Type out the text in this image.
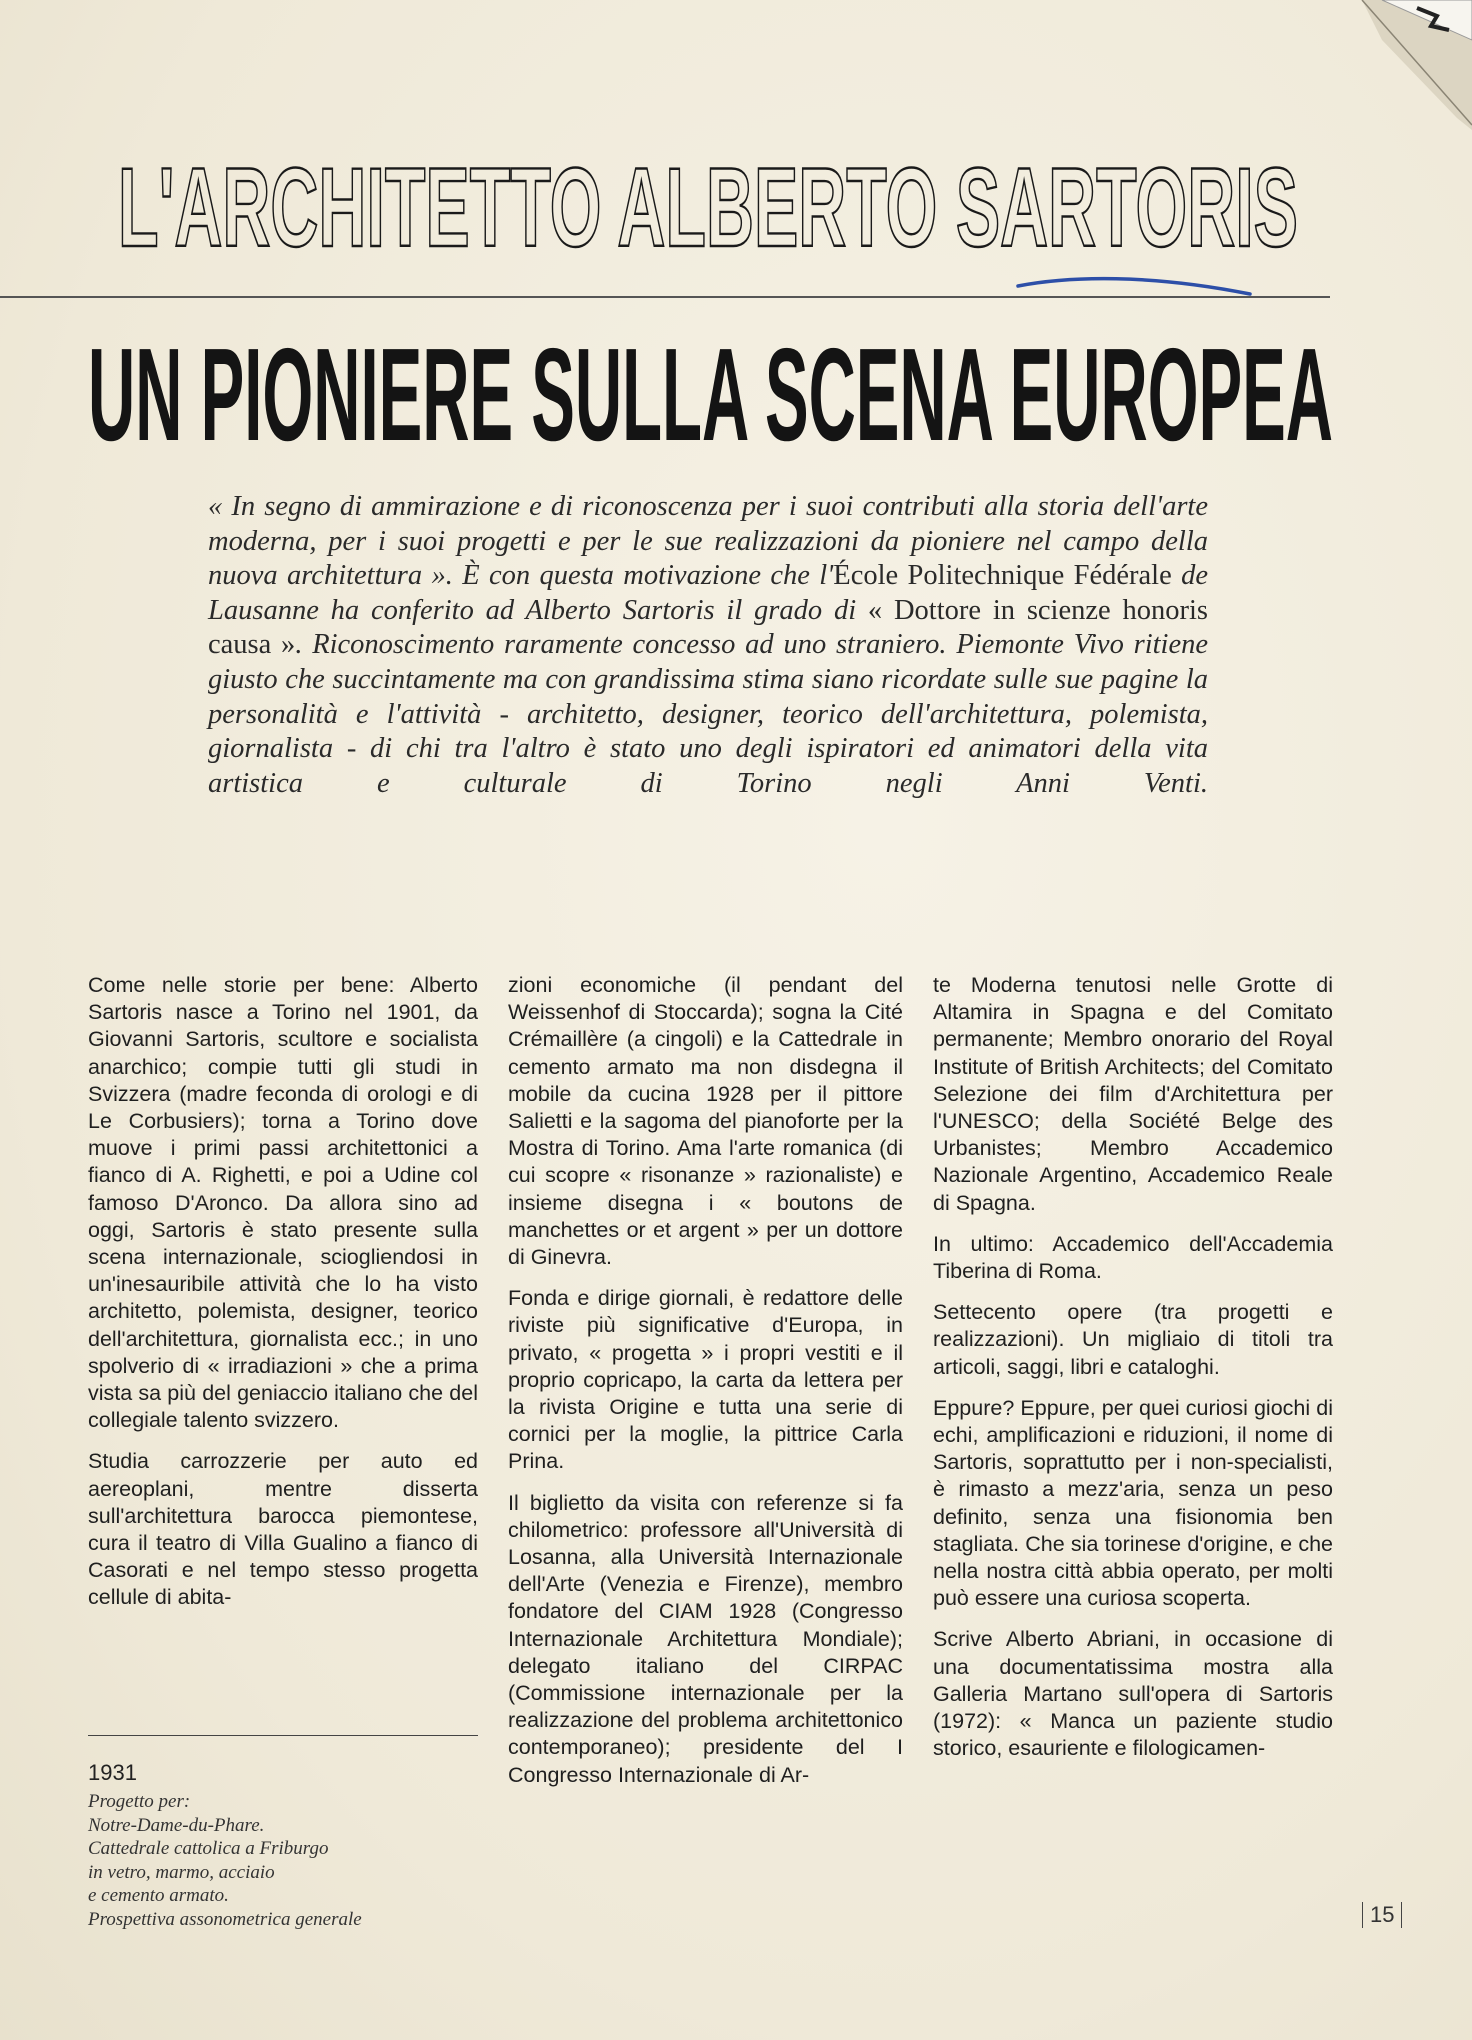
L'ARCHITETTO ALBERTO SARTORIS
UN PIONIERE SULLA SCENA EUROPEA
« In segno di ammirazione e di riconoscenza per i suoi contributi alla storia dell'arte moderna, per i suoi progetti e per le sue realizzazioni da pioniere nel campo della nuova architettura ». È con questa motivazione che l'École Politechnique Fédérale de Lausanne ha conferito ad Alberto Sartoris il grado di « Dottore in scienze honoris causa ». Riconoscimento raramente concesso ad uno straniero. Piemonte Vivo ritiene giusto che succintamente ma con grandissima stima siano ricordate sulle sue pagine la personalità e l'attività - architetto, designer, teorico dell'architettura, polemista, giornalista - di chi tra l'altro è stato uno degli ispiratori ed animatori della vita artistica e culturale di Torino negli Anni Venti.

Come nelle storie per bene: Alberto Sartoris nasce a Torino nel 1901, da Giovanni Sartoris, scultore e socialista anarchico; compie tutti gli studi in Svizzera (madre feconda di orologi e di Le Corbusiers); torna a Torino dove muove i primi passi architettonici a fianco di A. Righetti, e poi a Udine col famoso D'Aronco. Da allora sino ad oggi, Sartoris è stato presente sulla scena internazionale, sciogliendosi in un'inesauribile attività che lo ha visto architetto, polemista, designer, teorico dell'architettura, giornalista ecc.; in uno spolverio di « irradiazioni » che a prima vista sa più del geniaccio italiano che del collegiale talento svizzero.

Studia carrozzerie per auto ed aereoplani, mentre disserta sull'architettura barocca piemontese, cura il teatro di Villa Gualino a fianco di Casorati e nel tempo stesso progetta cellule di abita-

1931
Progetto per:
Notre-Dame-du-Phare.
Cattedrale cattolica a Friburgo
in vetro, marmo, acciaio
e cemento armato.
Prospettiva assonometrica generale

zioni economiche (il pendant del Weissenhof di Stoccarda); sogna la Cité Crémaillère (a cingoli) e la Cattedrale in cemento armato ma non disdegna il mobile da cucina 1928 per il pittore Salietti e la sagoma del pianoforte per la Mostra di Torino. Ama l'arte romanica (di cui scopre « risonanze » razionaliste) e insieme disegna i « boutons de manchettes or et argent » per un dottore di Ginevra.

Fonda e dirige giornali, è redattore delle riviste più significative d'Europa, in privato, « progetta » i propri vestiti e il proprio copricapo, la carta da lettera per la rivista Origine e tutta una serie di cornici per la moglie, la pittrice Carla Prina.

Il biglietto da visita con referenze si fa chilometrico: professore all'Università di Losanna, alla Università Internazionale dell'Arte (Venezia e Firenze), membro fondatore del CIAM 1928 (Congresso Internazionale Architettura Mondiale); delegato italiano del CIRPAC (Commissione internazionale per la realizzazione del problema architettonico contemporaneo); presidente del I Congresso Internazionale di Ar-

te Moderna tenutosi nelle Grotte di Altamira in Spagna e del Comitato permanente; Membro onorario del Royal Institute of British Architects; del Comitato Selezione dei film d'Architettura per l'UNESCO; della Société Belge des Urbanistes; Membro Accademico Nazionale Argentino, Accademico Reale di Spagna.

In ultimo: Accademico dell'Accademia Tiberina di Roma.

Settecento opere (tra progetti e realizzazioni). Un migliaio di titoli tra articoli, saggi, libri e cataloghi.

Eppure? Eppure, per quei curiosi giochi di echi, amplificazioni e riduzioni, il nome di Sartoris, soprattutto per i non-specialisti, è rimasto a mezz'aria, senza un peso definito, senza una fisionomia ben stagliata. Che sia torinese d'origine, e che nella nostra città abbia operato, per molti può essere una curiosa scoperta.

Scrive Alberto Abriani, in occasione di una documentatissima mostra alla Galleria Martano sull'opera di Sartoris (1972): « Manca un paziente studio storico, esauriente e filologicamen-

15
